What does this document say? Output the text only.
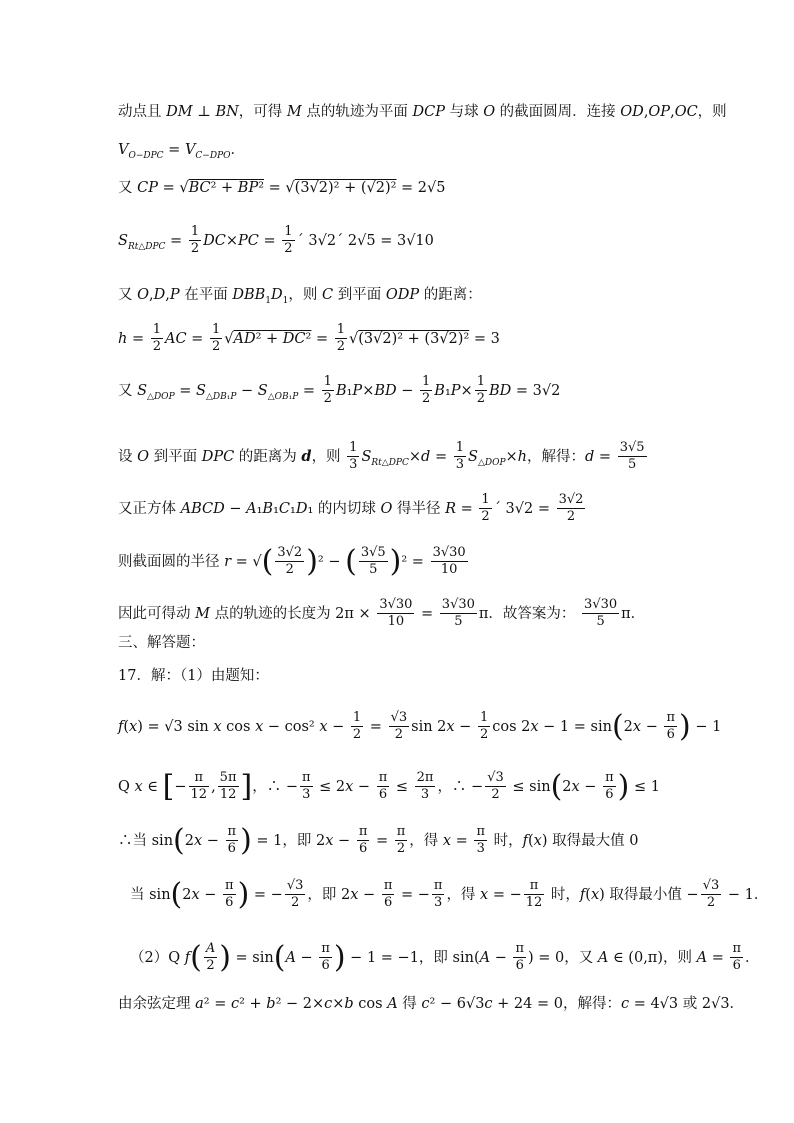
动点且 DM ⊥ BN，可得 M 点的轨迹为平面 DCP 与球 O 的截面圆周．连接 OD,OP,OC，则
$V_{O-DPC} = V_{C-DPO}$．
又 CP = √BC² + BP² = √(3√2)² + (√2)² = 2√5
$S_{Rt\triangle DPC} = \frac{1}{2} DC\times PC = \frac{1}{2}$ ´ 3√2´ 2√5 = 3√10
又 O,D,P 在平面 $DBB_1D_1$，则 C 到平面 ODP 的距离：
$h = \frac{1}{2}$ AC = $\frac{1}{2} √AD^2 + DC^2 = \frac{1}{2} √(3√2)^2 + (3√2)^2 = 3$
又 $S_{\triangle DOP} = S_{\triangle DB_1P} - S_{\triangle OB_1P} = \frac{1}{2} B_1P\times BD - \frac{1}{2} B_1P\times \frac{1}{2}$ BD = 3√2
设 O 到平面 DPC 的距离为 d，则 $\frac{1}{3} S_{Rt\triangle DPC}\times d = \frac{1}{3} S_{\triangle DOP}\times h$，解得：$d = \frac{3√5}{5}$
又正方体 ABCD − A₁B₁C₁D₁ 的内切球 O 得半径 $R = \frac{1}{2}$ ´ $3√2 = \frac{3√2}{2}$
则截面圆的半径 r = √( $\frac{3√2}{2} )^2$ − ( $\frac{3√5}{5} )^2 = \frac{3√30}{10}$
因此可得动 M 点的轨迹的长度为 $2\pi \times \frac{3√30}{10} = \frac{3√30}{5}$ π．故答案为： $\frac{3√30}{5}$ π．
三、解答题：
17．解：（1）由题知：
f(x) = √3 sin x cos x − cos² $x - \frac{1}{2} = \frac{√3}{2}$ $\sin 2x - \frac{1}{2}$ $\cos 2x - 1 = \sin(2x - \frac{\pi}{6}$ ) − 1
Q x ∈ [− $\frac{\pi}{12}$ , $\frac{5\pi}{12}$ ]，∴ − $\frac{\pi}{3} \le 2x - \frac{\pi}{6} \le \frac{2\pi}{3}$ ，∴ − $\frac{√3}{2} \le \sin(2x - \frac{\pi}{6}$ ) ≤ 1
∴当 $\sin(2x - \frac{\pi}{6}$ ) = 1，即 $2x - \frac{\pi}{6} = \frac{\pi}{2}$ ，得 $x = \frac{\pi}{3}$ 时，f(x) 取得最大值 0
当 $\sin(2x - \frac{\pi}{6}$ ) = − $\frac{√3}{2}$ ，即 $2x - \frac{\pi}{6}$ = − $\frac{\pi}{3}$ ，得 x = − $\frac{\pi}{12}$ 时，f(x) 取得最小值 − $\frac{√3}{2} - 1$．
（2）Q $f( \frac{A}{2}$ ) = $\sin(A - \frac{\pi}{6}$ ) − 1 = −1，即 $\sin(A - \frac{\pi}{6}$ ) = 0，又 A ∈ (0,π)，则 $A = \frac{\pi}{6}$ ．
由余弦定理 a² = c² + b² − 2×c×b cos A 得 c² − 6√3c + 24 = 0，解得：c = 4√3 或 2√3．
